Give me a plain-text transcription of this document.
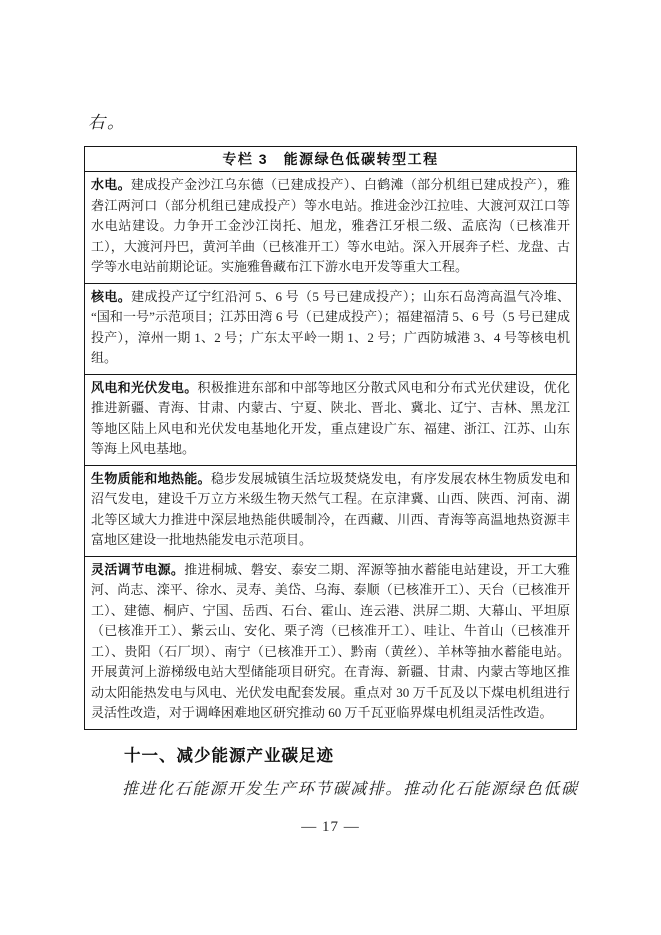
右。

专栏 3　能源绿色低碳转型工程
水电。建成投产金沙江乌东德（已建成投产）、白鹤滩（部分机组已建成投产），雅砻江两河口（部分机组已建成投产）等水电站。推进金沙江拉哇、大渡河双江口等水电站建设。力争开工金沙江岗托、旭龙，雅砻江牙根二级、孟底沟（已核准开工），大渡河丹巴，黄河羊曲（已核准开工）等水电站。深入开展奔子栏、龙盘、古学等水电站前期论证。实施雅鲁藏布江下游水电开发等重大工程。
核电。建成投产辽宁红沿河 5、6 号（5 号已建成投产）；山东石岛湾高温气冷堆、“国和一号”示范项目；江苏田湾 6 号（已建成投产）；福建福清 5、6 号（5 号已建成投产），漳州一期 1、2 号；广东太平岭一期 1、2 号；广西防城港 3、4 号等核电机组。
风电和光伏发电。积极推进东部和中部等地区分散式风电和分布式光伏建设，优化推进新疆、青海、甘肃、内蒙古、宁夏、陕北、晋北、冀北、辽宁、吉林、黑龙江等地区陆上风电和光伏发电基地化开发，重点建设广东、福建、浙江、江苏、山东等海上风电基地。
生物质能和地热能。稳步发展城镇生活垃圾焚烧发电，有序发展农林生物质发电和沼气发电，建设千万立方米级生物天然气工程。在京津冀、山西、陕西、河南、湖北等区域大力推进中深层地热能供暖制冷，在西藏、川西、青海等高温地热资源丰富地区建设一批地热能发电示范项目。
灵活调节电源。推进桐城、磐安、泰安二期、浑源等抽水蓄能电站建设，开工大雅河、尚志、滦平、徐水、灵寿、美岱、乌海、泰顺（已核准开工）、天台（已核准开工）、建德、桐庐、宁国、岳西、石台、霍山、连云港、洪屏二期、大幕山、平坦原（已核准开工）、紫云山、安化、栗子湾（已核准开工）、哇让、牛首山（已核准开工）、贵阳（石厂坝）、南宁（已核准开工）、黔南（黄丝）、羊林等抽水蓄能电站。开展黄河上游梯级电站大型储能项目研究。在青海、新疆、甘肃、内蒙古等地区推动太阳能热发电与风电、光伏发电配套发展。重点对 30 万千瓦及以下煤电机组进行灵活性改造，对于调峰困难地区研究推动 60 万千瓦亚临界煤电机组灵活性改造。
十一、减少能源产业碳足迹

推进化石能源开发生产环节碳减排。推动化石能源绿色低碳

— 17 —
